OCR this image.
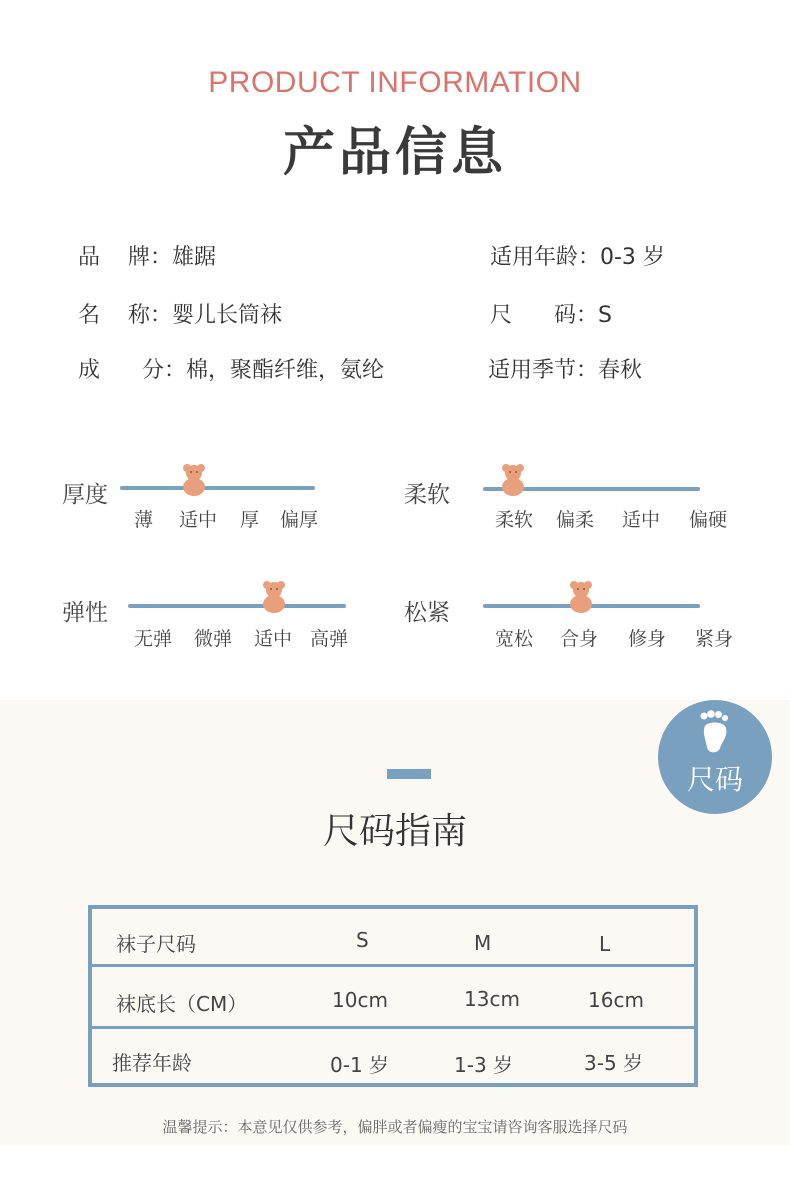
PRODUCT INFORMATION
产品信息
品    牌：雄踞	适用年龄：0-3 岁
名    称：婴儿长筒袜	尺      码：S
成      分：棉，聚酯纤维，氨纶	适用季节：春秋
厚度
薄 适中 厚 偏厚
柔软
柔软 偏柔 适中 偏硬
弹性
无弹 微弹 适中 高弹
松紧
宽松 合身 修身 紧身
尺码
尺码指南
袜子尺码	S	M	L
袜底长（CM）	10cm	13cm	16cm
推荐年龄	0-1 岁	1-3 岁	3-5 岁
温馨提示：本意见仅供参考，偏胖或者偏瘦的宝宝请咨询客服选择尺码
